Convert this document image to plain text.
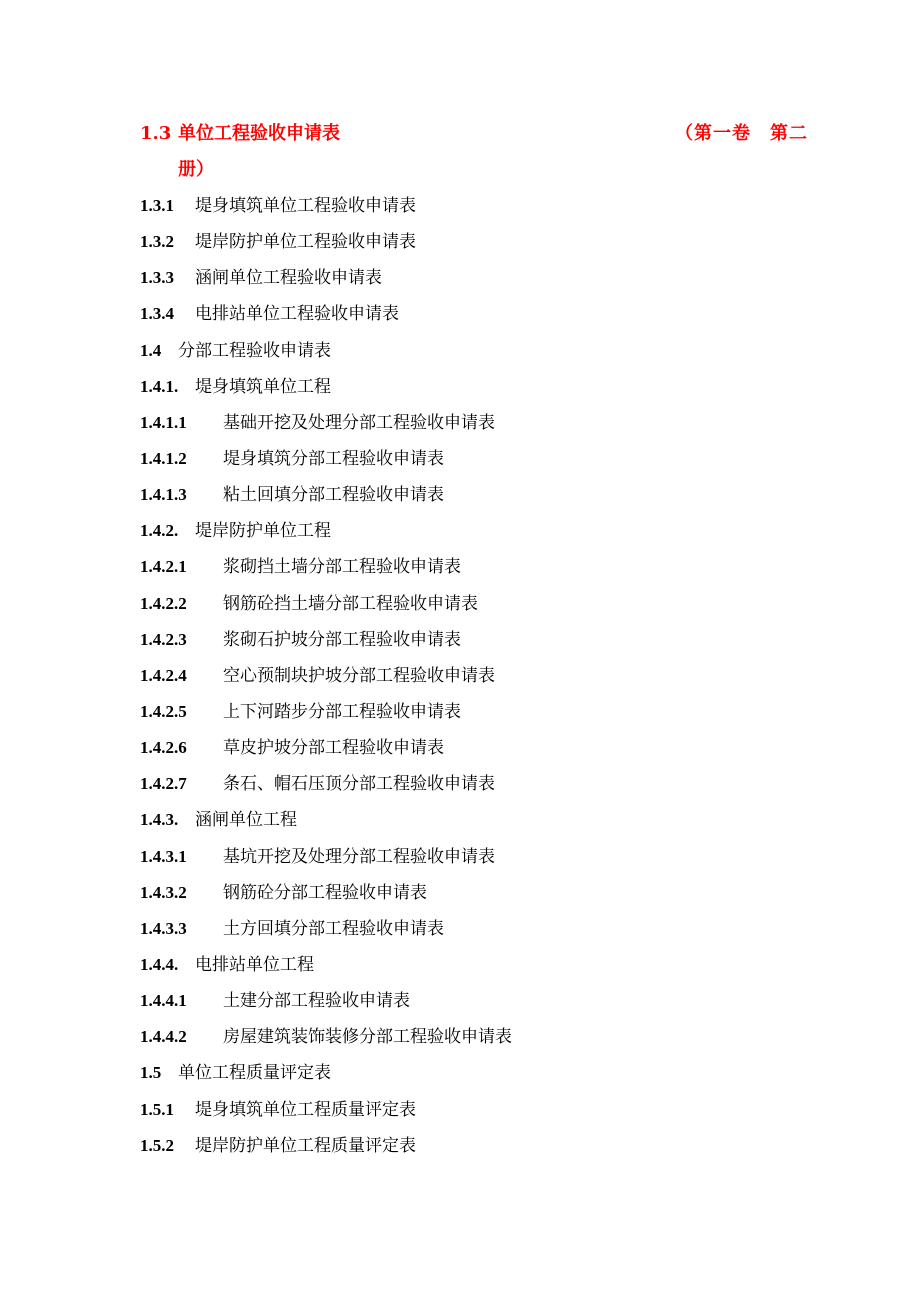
1.3 单位工程验收申请表	（第一卷　第二
册）
1.3.1 堤身填筑单位工程验收申请表
1.3.2 堤岸防护单位工程验收申请表
1.3.3 涵闸单位工程验收申请表
1.3.4 电排站单位工程验收申请表
1.4 分部工程验收申请表
1.4.1. 堤身填筑单位工程
1.4.1.1 基础开挖及处理分部工程验收申请表
1.4.1.2 堤身填筑分部工程验收申请表
1.4.1.3 粘土回填分部工程验收申请表
1.4.2. 堤岸防护单位工程
1.4.2.1 浆砌挡土墙分部工程验收申请表
1.4.2.2 钢筋砼挡土墙分部工程验收申请表
1.4.2.3 浆砌石护坡分部工程验收申请表
1.4.2.4 空心预制块护坡分部工程验收申请表
1.4.2.5 上下河踏步分部工程验收申请表
1.4.2.6 草皮护坡分部工程验收申请表
1.4.2.7 条石、帽石压顶分部工程验收申请表
1.4.3. 涵闸单位工程
1.4.3.1 基坑开挖及处理分部工程验收申请表
1.4.3.2 钢筋砼分部工程验收申请表
1.4.3.3 土方回填分部工程验收申请表
1.4.4. 电排站单位工程
1.4.4.1 土建分部工程验收申请表
1.4.4.2 房屋建筑装饰装修分部工程验收申请表
1.5 单位工程质量评定表
1.5.1 堤身填筑单位工程质量评定表
1.5.2 堤岸防护单位工程质量评定表
